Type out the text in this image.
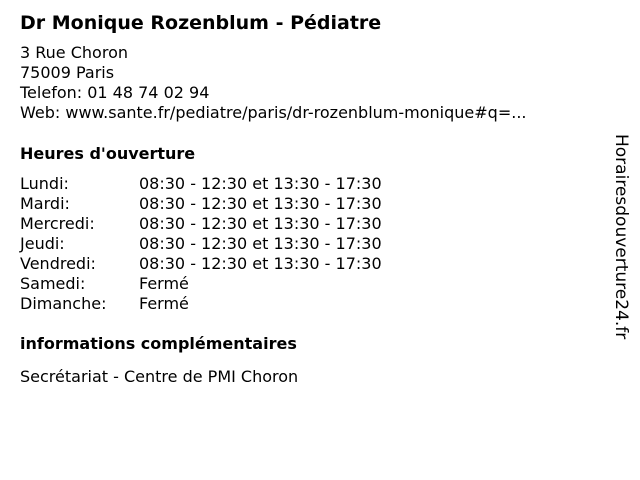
Dr Monique Rozenblum - Pédiatre
3 Rue Choron
75009 Paris
Telefon: 01 48 74 02 94
Web: www.sante.fr/pediatre/paris/dr-rozenblum-monique#q=...
Heures d'ouverture
Lundi:	08:30 - 12:30 et 13:30 - 17:30
Mardi:	08:30 - 12:30 et 13:30 - 17:30
Mercredi:	08:30 - 12:30 et 13:30 - 17:30
Jeudi:	08:30 - 12:30 et 13:30 - 17:30
Vendredi:	08:30 - 12:30 et 13:30 - 17:30
Samedi:	Fermé
Dimanche:	Fermé
informations complémentaires
Secrétariat - Centre de PMI Choron
Horairesdouverture24.fr
